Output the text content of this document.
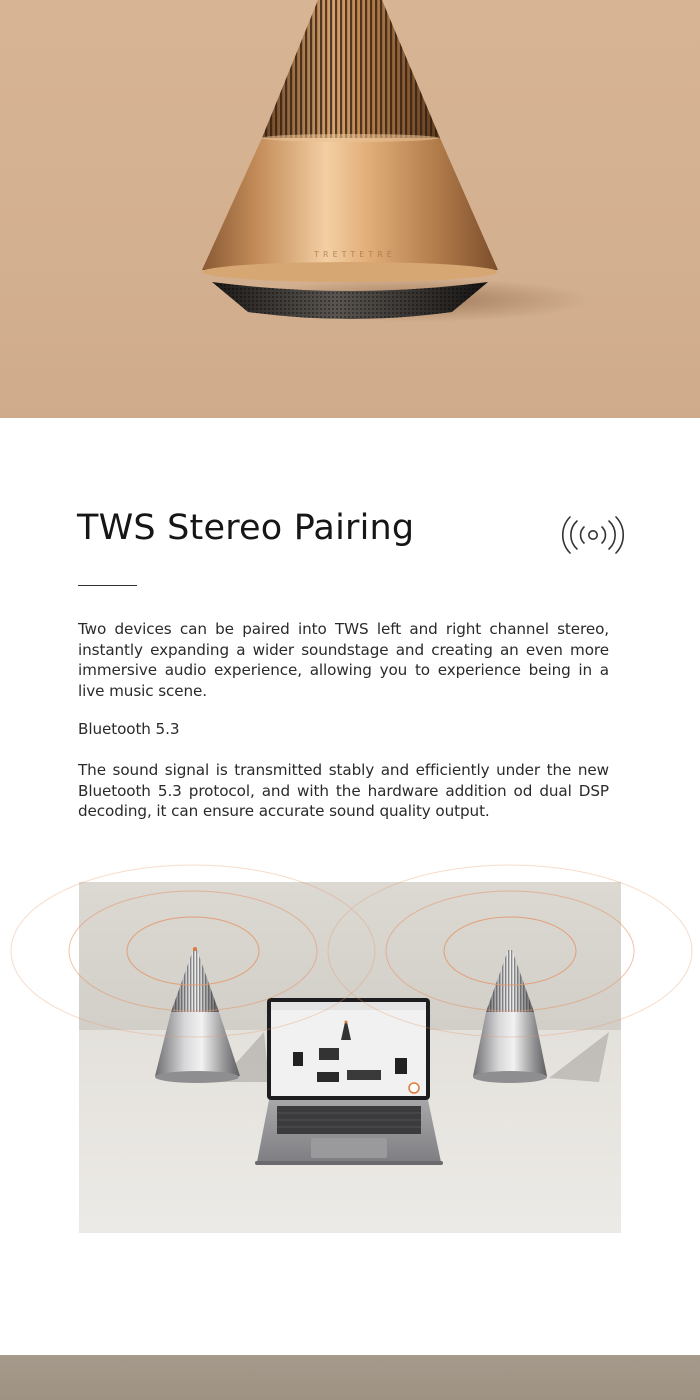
TRETTETRE
TWS Stereo Pairing

Two devices can be paired into TWS left and right channel stereo, instantly expanding a wider soundstage and creating an even more immersive audio experience, allowing you to experience being in a live music scene.

Bluetooth 5.3

The sound signal is transmitted stably and efficiently under the new Bluetooth 5.3 protocol, and with the hardware addition od dual DSP decoding, it can ensure accurate sound quality output.
